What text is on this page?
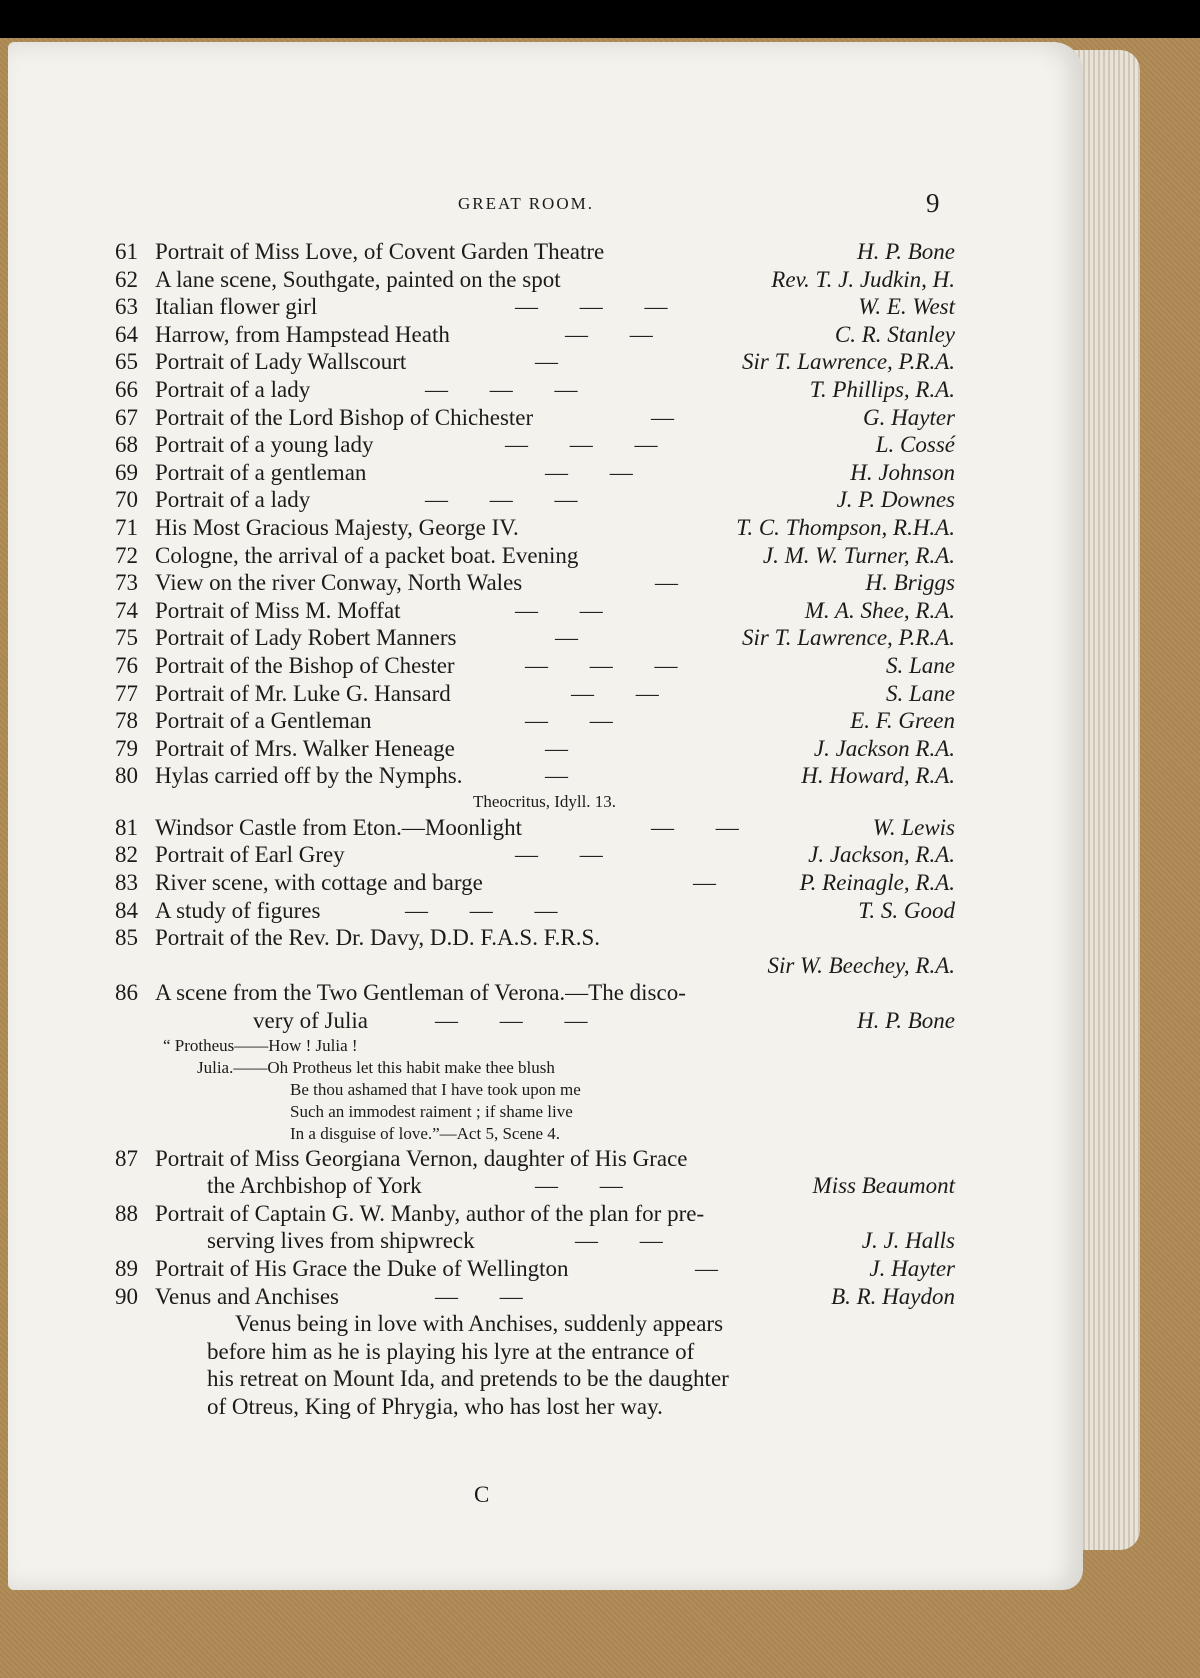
GREAT ROOM.	9
61 Portrait of Miss Love, of Covent Garden Theatre	H. P. Bone
62 A lane scene, Southgate, painted on the spot	Rev. T. J. Judkin, H.
63 Italian flower girl	— — —	W. E. West
64 Harrow, from Hampstead Heath	— —	C. R. Stanley
65 Portrait of Lady Wallscourt	—	Sir T. Lawrence, P.R.A.
66 Portrait of a lady	— — —	T. Phillips, R.A.
67 Portrait of the Lord Bishop of Chichester	—	G. Hayter
68 Portrait of a young lady	— — —	L. Cossé
69 Portrait of a gentleman	— —	H. Johnson
70 Portrait of a lady	— — —	J. P. Downes
71 His Most Gracious Majesty, George IV.	T. C. Thompson, R.H.A.
72 Cologne, the arrival of a packet boat. Evening	J. M. W. Turner, R.A.
73 View on the river Conway, North Wales	—	H. Briggs
74 Portrait of Miss M. Moffat	— —	M. A. Shee, R.A.
75 Portrait of Lady Robert Manners	—	Sir T. Lawrence, P.R.A.
76 Portrait of the Bishop of Chester	— — —	S. Lane
77 Portrait of Mr. Luke G. Hansard	— —	S. Lane
78 Portrait of a Gentleman	— —	E. F. Green
79 Portrait of Mrs. Walker Heneage	—	J. Jackson R.A.
80 Hylas carried off by the Nymphs.	—	H. Howard, R.A.
Theocritus, Idyll. 13.
81 Windsor Castle from Eton.—Moonlight	— —	W. Lewis
82 Portrait of Earl Grey	— —	J. Jackson, R.A.
83 River scene, with cottage and barge	—	P. Reinagle, R.A.
84 A study of figures	— — —	T. S. Good
85 Portrait of the Rev. Dr. Davy, D.D. F.A.S. F.R.S.
Sir W. Beechey, R.A.
86 A scene from the Two Gentleman of Verona.—The disco-
very of Julia	— — —	H. P. Bone
“ Protheus——How ! Julia !
Julia.——Oh Protheus let this habit make thee blush
Be thou ashamed that I have took upon me
Such an immodest raiment ; if shame live
In a disguise of love.”—Act 5, Scene 4.
87 Portrait of Miss Georgiana Vernon, daughter of His Grace
the Archbishop of York	— —	Miss Beaumont
88 Portrait of Captain G. W. Manby, author of the plan for pre-
serving lives from shipwreck	— —	J. J. Halls
89 Portrait of His Grace the Duke of Wellington	—	J. Hayter
90 Venus and Anchises	— —	B. R. Haydon
Venus being in love with Anchises, suddenly appears
before him as he is playing his lyre at the entrance of
his retreat on Mount Ida, and pretends to be the daughter
of Otreus, King of Phrygia, who has lost her way.
C
